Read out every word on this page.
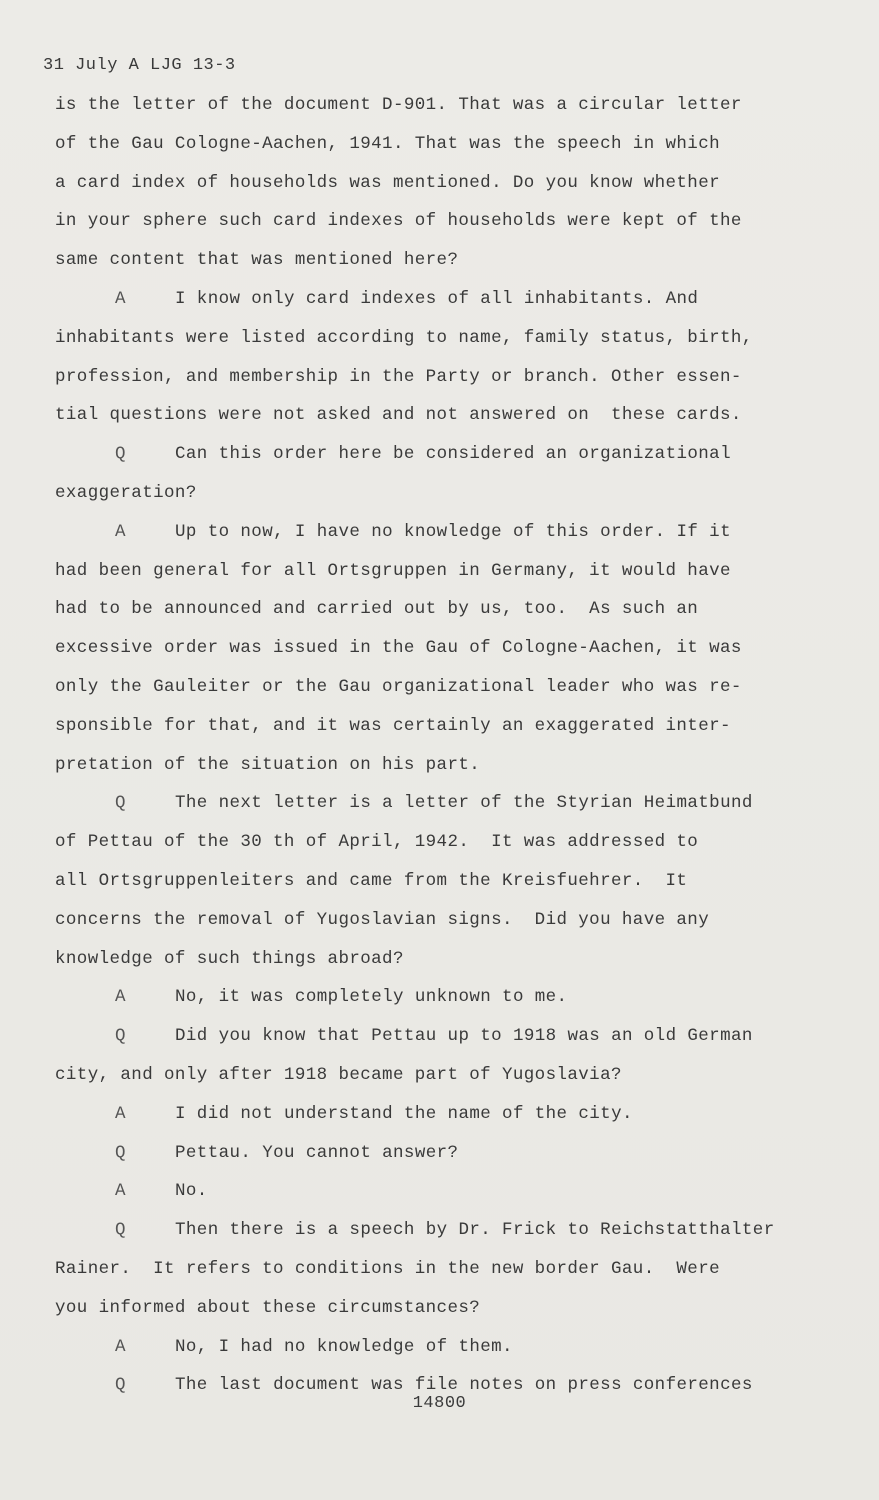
31 July A LJG 13-3
is the letter of the document D-901. That was a circular letter
of the Gau Cologne-Aachen, 1941. That was the speech in which
a card index of households was mentioned. Do you know whether
in your sphere such card indexes of households were kept of the
same content that was mentioned here?
A	I know only card indexes of all inhabitants. And
inhabitants were listed according to name, family status, birth,
profession, and membership in the Party or branch. Other essen-
tial questions were not asked and not answered on  these cards.
Q	Can this order here be considered an organizational
exaggeration?
A	Up to now, I have no knowledge of this order. If it
had been general for all Ortsgruppen in Germany, it would have
had to be announced and carried out by us, too.  As such an
excessive order was issued in the Gau of Cologne-Aachen, it was
only the Gauleiter or the Gau organizational leader who was re-
sponsible for that, and it was certainly an exaggerated inter-
pretation of the situation on his part.
Q	The next letter is a letter of the Styrian Heimatbund
of Pettau of the 30 th of April, 1942.  It was addressed to
all Ortsgruppenleiters and came from the Kreisfuehrer.  It
concerns the removal of Yugoslavian signs.  Did you have any
knowledge of such things abroad?
A	No, it was completely unknown to me.
Q	Did you know that Pettau up to 1918 was an old German
city, and only after 1918 became part of Yugoslavia?
A	I did not understand the name of the city.
Q	Pettau. You cannot answer?
A	No.
Q	Then there is a speech by Dr. Frick to Reichstatthalter
Rainer.  It refers to conditions in the new border Gau.  Were
you informed about these circumstances?
A	No, I had no knowledge of them.
Q	The last document was file notes on press conferences
14800
